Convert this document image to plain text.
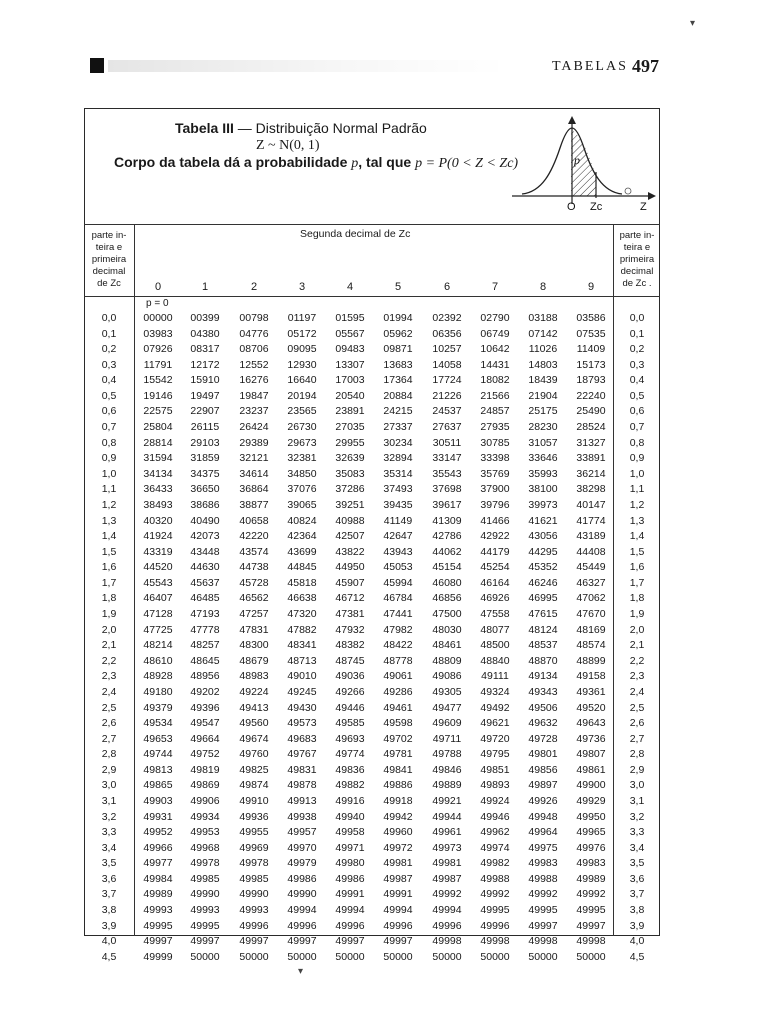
TABELAS 497
Tabela III — Distribuição Normal Padrão
Z ~ N(0, 1)
Corpo da tabela dá a probabilidade p, tal que p = P(0 < Z < Zc)	p
O Zc	Z
parte in-
teira e
primeira
decimal
de Zc
parte in-
teira e
primeira
decimal
de Zc .
Segunda decimal de Zc
0	1	2	3	4	5	6	7	8	9
p = 0
0,0	00000	00399	00798	01197	01595	01994	02392	02790	03188	03586	0,0
0,1	03983	04380	04776	05172	05567	05962	06356	06749	07142	07535	0,1
0,2	07926	08317	08706	09095	09483	09871	10257	10642	11026	11409	0,2
0,3	11791	12172	12552	12930	13307	13683	14058	14431	14803	15173	0,3
0,4	15542	15910	16276	16640	17003	17364	17724	18082	18439	18793	0,4
0,5	19146	19497	19847	20194	20540	20884	21226	21566	21904	22240	0,5
0,6	22575	22907	23237	23565	23891	24215	24537	24857	25175	25490	0,6
0,7	25804	26115	26424	26730	27035	27337	27637	27935	28230	28524	0,7
0,8	28814	29103	29389	29673	29955	30234	30511	30785	31057	31327	0,8
0,9	31594	31859	32121	32381	32639	32894	33147	33398	33646	33891	0,9
1,0	34134	34375	34614	34850	35083	35314	35543	35769	35993	36214	1,0
1,1	36433	36650	36864	37076	37286	37493	37698	37900	38100	38298	1,1
1,2	38493	38686	38877	39065	39251	39435	39617	39796	39973	40147	1,2
1,3	40320	40490	40658	40824	40988	41149	41309	41466	41621	41774	1,3
1,4	41924	42073	42220	42364	42507	42647	42786	42922	43056	43189	1,4
1,5	43319	43448	43574	43699	43822	43943	44062	44179	44295	44408	1,5
1,6	44520	44630	44738	44845	44950	45053	45154	45254	45352	45449	1,6
1,7	45543	45637	45728	45818	45907	45994	46080	46164	46246	46327	1,7
1,8	46407	46485	46562	46638	46712	46784	46856	46926	46995	47062	1,8
1,9	47128	47193	47257	47320	47381	47441	47500	47558	47615	47670	1,9
2,0	47725	47778	47831	47882	47932	47982	48030	48077	48124	48169	2,0
2,1	48214	48257	48300	48341	48382	48422	48461	48500	48537	48574	2,1
2,2	48610	48645	48679	48713	48745	48778	48809	48840	48870	48899	2,2
2,3	48928	48956	48983	49010	49036	49061	49086	49111	49134	49158	2,3
2,4	49180	49202	49224	49245	49266	49286	49305	49324	49343	49361	2,4
2,5	49379	49396	49413	49430	49446	49461	49477	49492	49506	49520	2,5
2,6	49534	49547	49560	49573	49585	49598	49609	49621	49632	49643	2,6
2,7	49653	49664	49674	49683	49693	49702	49711	49720	49728	49736	2,7
2,8	49744	49752	49760	49767	49774	49781	49788	49795	49801	49807	2,8
2,9	49813	49819	49825	49831	49836	49841	49846	49851	49856	49861	2,9
3,0	49865	49869	49874	49878	49882	49886	49889	49893	49897	49900	3,0
3,1	49903	49906	49910	49913	49916	49918	49921	49924	49926	49929	3,1
3,2	49931	49934	49936	49938	49940	49942	49944	49946	49948	49950	3,2
3,3	49952	49953	49955	49957	49958	49960	49961	49962	49964	49965	3,3
3,4	49966	49968	49969	49970	49971	49972	49973	49974	49975	49976	3,4
3,5	49977	49978	49978	49979	49980	49981	49981	49982	49983	49983	3,5
3,6	49984	49985	49985	49986	49986	49987	49987	49988	49988	49989	3,6
3,7	49989	49990	49990	49990	49991	49991	49992	49992	49992	49992	3,7
3,8	49993	49993	49993	49994	49994	49994	49994	49995	49995	49995	3,8
3,9	49995	49995	49996	49996	49996	49996	49996	49996	49997	49997	3,9
4,0	49997	49997	49997	49997	49997	49997	49998	49998	49998	49998	4,0
4,5	49999	50000	50000	50000	50000	50000	50000	50000	50000	50000	4,5
▾
▾
